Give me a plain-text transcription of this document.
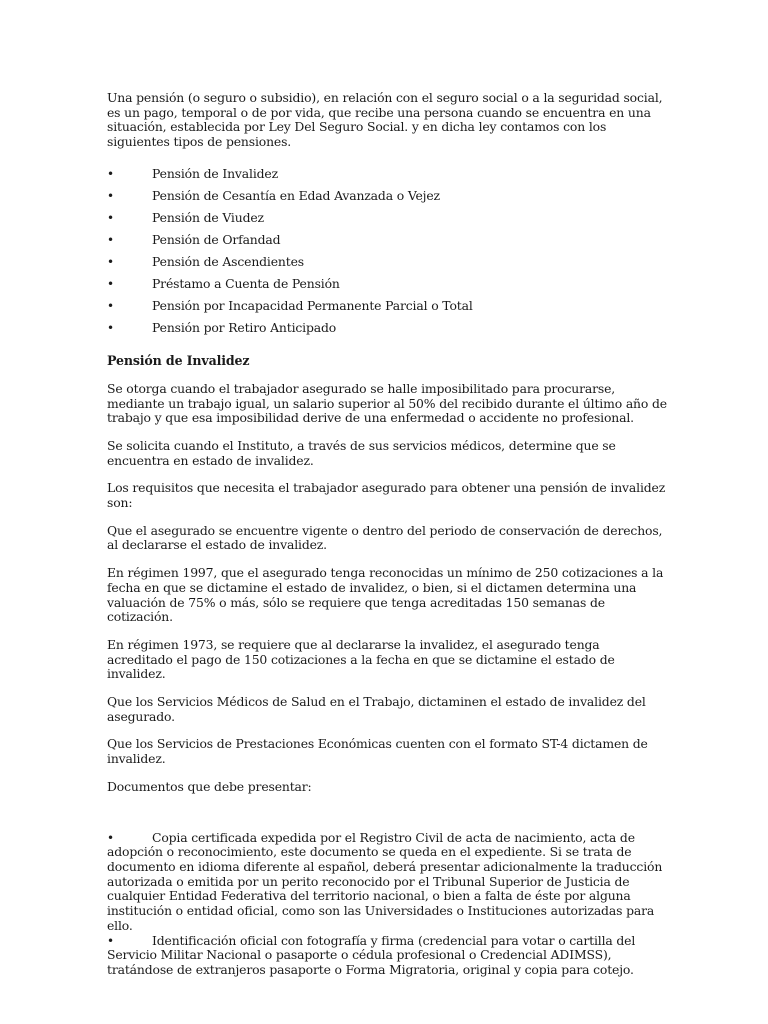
Una pensión (o seguro o subsidio), en relación con el seguro social o a la seguridad social, es un pago, temporal o de por vida, que recibe una persona cuando se encuentra en una situación, establecida por Ley Del Seguro Social. y en dicha ley contamos con los siguientes tipos de pensiones.

•	Pensión de Invalidez
•	Pensión de Cesantía en Edad Avanzada o Vejez
•	Pensión de Viudez
•	Pensión de Orfandad
•	Pensión de Ascendientes
•	Préstamo a Cuenta de Pensión
•	Pensión por Incapacidad Permanente Parcial o Total
•	Pensión por Retiro Anticipado
Pensión de Invalidez

Se otorga cuando el trabajador asegurado se halle imposibilitado para procurarse, mediante un trabajo igual, un salario superior al 50% del recibido durante el último año de trabajo y que esa imposibilidad derive de una enfermedad o accidente no profesional.

Se solicita cuando el Instituto, a través de sus servicios médicos, determine que se encuentra en estado de invalidez.

Los requisitos que necesita el trabajador asegurado para obtener una pensión de invalidez son:

Que el asegurado se encuentre vigente o dentro del periodo de conservación de derechos, al declararse el estado de invalidez.

En régimen 1997, que el asegurado tenga reconocidas un mínimo de 250 cotizaciones a la fecha en que se dictamine el estado de invalidez, o bien, si el dictamen determina una valuación de 75% o más, sólo se requiere que tenga acreditadas 150 semanas de cotización.

En régimen 1973, se requiere que al declararse la invalidez, el asegurado tenga acreditado el pago de 150 cotizaciones a la fecha en que se dictamine el estado de invalidez.

Que los Servicios Médicos de Salud en el Trabajo, dictaminen el estado de invalidez del asegurado.

Que los Servicios de Prestaciones Económicas cuenten con el formato ST-4 dictamen de invalidez.

Documentos que debe presentar:

•	Copia certificada expedida por el Registro Civil de acta de nacimiento, acta de adopción o reconocimiento, este documento se queda en el expediente. Si se trata de documento en idioma diferente al español, deberá presentar adicionalmente la traducción autorizada o emitida por un perito reconocido por el Tribunal Superior de Justicia de cualquier Entidad Federativa del territorio nacional, o bien a falta de éste por alguna institución o entidad oficial, como son las Universidades o Instituciones autorizadas para ello.
•	Identificación oficial con fotografía y firma (credencial para votar o cartilla del Servicio Militar Nacional o pasaporte o cédula profesional o Credencial ADIMSS), tratándose de extranjeros pasaporte o Forma Migratoria, original y copia para cotejo.
